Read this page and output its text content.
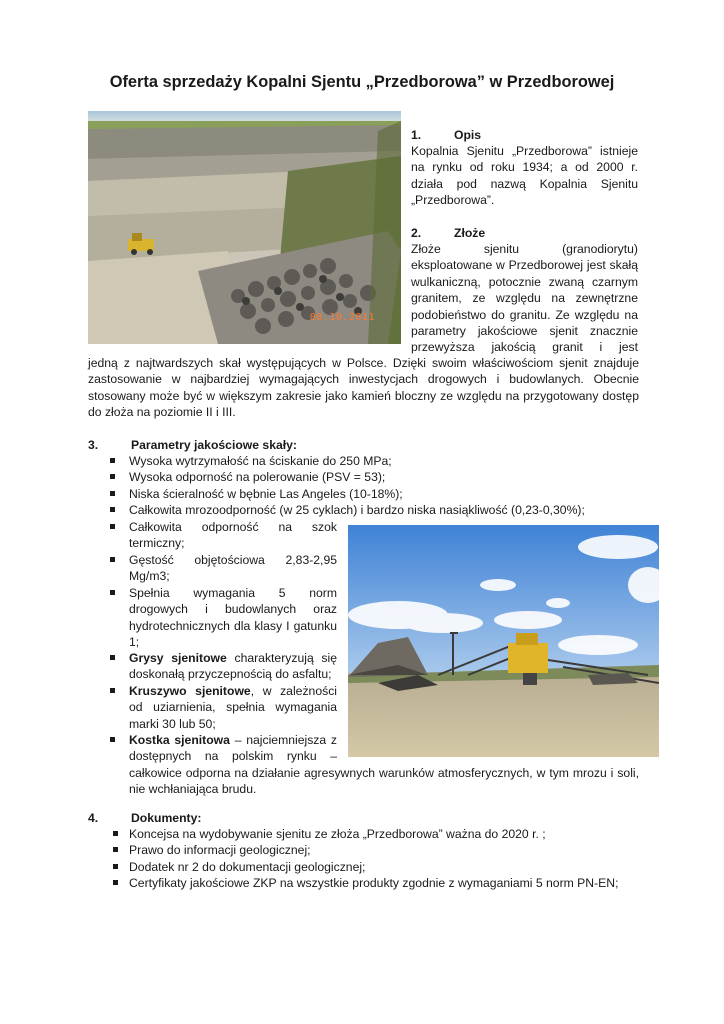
Oferta sprzedaży Kopalni Sjentu „Przedborowa” w Przedborowej
08.10.2011
1.	Opis

Kopalnia Sjenitu „Przedborowa” istnieje na rynku od roku 1934; a od 2000 r. działa pod nazwą Kopalnia Sjenitu „Przedborowa”.

2.	Złoże

Złoże sjenitu (granodiorytu) eksploatowane w Przedborowej jest skałą wulkaniczną, potocznie zwaną czarnym granitem, ze względu na zewnętrzne podobieństwo do granitu. Ze względu na parametry jakościowe sjenit znacznie przewyższa jakością granit i jest

jedną z najtwardszych skał występujących w Polsce. Dzięki swoim właściwościom sjenit znajduje zastosowanie w najbardziej wymagających inwestycjach drogowych i budowlanych. Obecnie stosowany może być w większym zakresie jako kamień bloczny ze względu na przygotowany dostęp do złoża na poziomie II i III.

3.	Parametry jakościowe skały:
Wysoka wytrzymałość na ściskanie do 250 MPa;
Wysoka odporność na polerowanie (PSV = 53);
Niska ścieralność w bębnie Las Angeles (10-18%);
Całkowita mrozoodporność (w 25 cyklach) i bardzo niska nasiąkliwość (0,23-0,30%);
Całkowita odporność na szok termiczny;
Gęstość objętościowa 2,83-2,95 Mg/m3;
Spełnia wymagania 5 norm drogowych i budowlanych oraz hydrotechnicznych dla klasy I gatunku 1;
Grysy sjenitowe charakteryzują się doskonałą przyczepnością do asfaltu;
Kruszywo sjenitowe, w zależności od uziarnienia, spełnia wymagania marki 30 lub 50;
Kostka sjenitowa – najciemniejsza z dostępnych na polskim rynku –

całkowice odporna na działanie agresywnych warunków atmosferycznych, w tym mrozu i soli, nie wchłaniająca brudu.

4.	Dokumenty:
Koncejsa na wydobywanie sjenitu ze złoża „Przedborowa” ważna do 2020 r. ;
Prawo do informacji geologicznej;
Dodatek nr 2 do dokumentacji geologicznej;
Certyfikaty jakościowe ZKP na wszystkie produkty zgodnie z wymaganiami 5 norm PN-EN;
